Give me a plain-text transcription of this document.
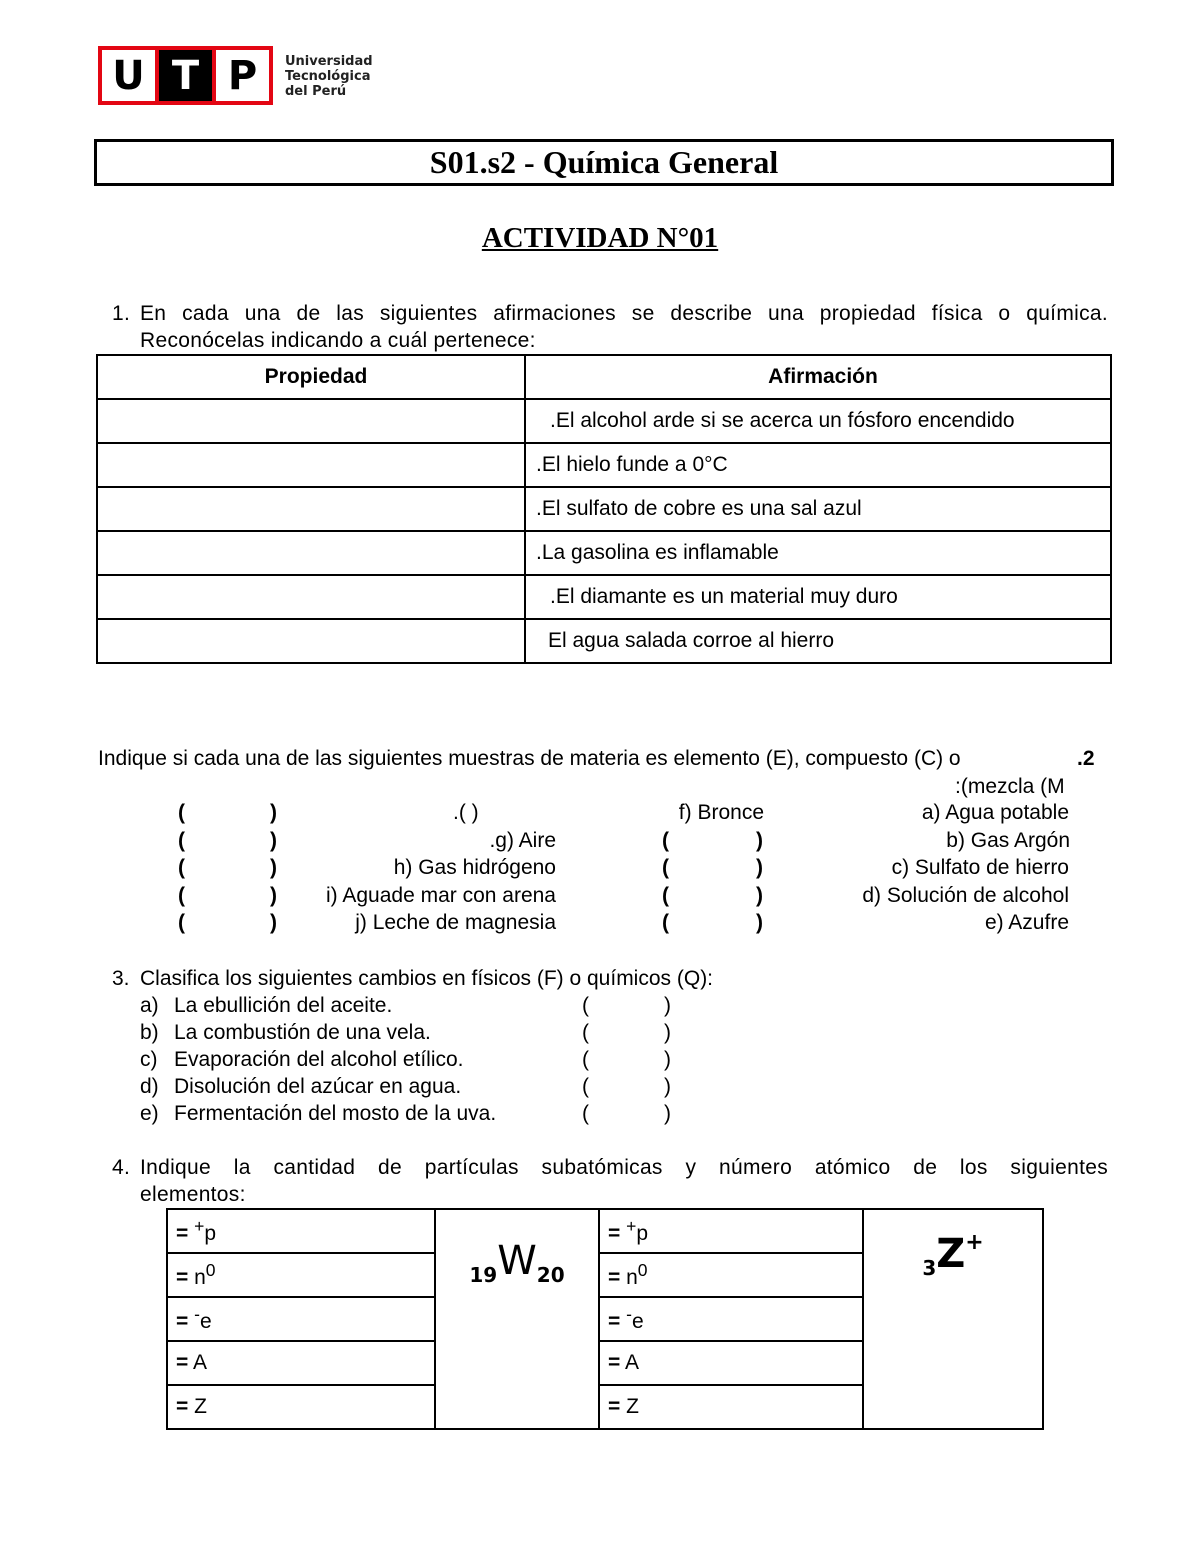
U T P	Universidad
Tecnológica
del Perú
S01.s2 - Química General
ACTIVIDAD N°01
1. En cada una de las siguientes afirmaciones se describe una propiedad física o química.
Reconócelas indicando a cuál pertenece:
Propiedad	Afirmación
	.El alcohol arde si se acerca un fósforo encendido
	.El hielo funde a 0°C
	.El sulfato de cobre es una sal azul
	.La gasolina es inflamable
	.El diamante es un material muy duro
	El agua salada corroe al hierro
Indique si cada una de las siguientes muestras de materia es elemento (E), compuesto (C) o	.2
:(mezcla (M
(	)	.( )	f) Bronce	a) Agua potable
(	)	.g) Aire	(	)	b) Gas Argón
(	)	h) Gas hidrógeno	(	)	c) Sulfato de hierro
(	) i) Aguade mar con arena	(	)	d) Solución de alcohol
(	)	j) Leche de magnesia	(	)	e) Azufre
3. Clasifica los siguientes cambios en físicos (F) o químicos (Q):
a) La ebullición del aceite.	(	)
b) La combustión de una vela.	(	)
c) Evaporación del alcohol etílico.	(	)
d) Disolución del azúcar en agua.	(	)
e) Fermentación del mosto de la uva.	(	)
4. Indique la cantidad de partículas subatómicas y número atómico de los siguientes
elementos:
= +p	19W20	= +p	3Z+
= $n^0$		= $n^0$
= -e		= -e	
= A		= A	
= Z		= Z	
